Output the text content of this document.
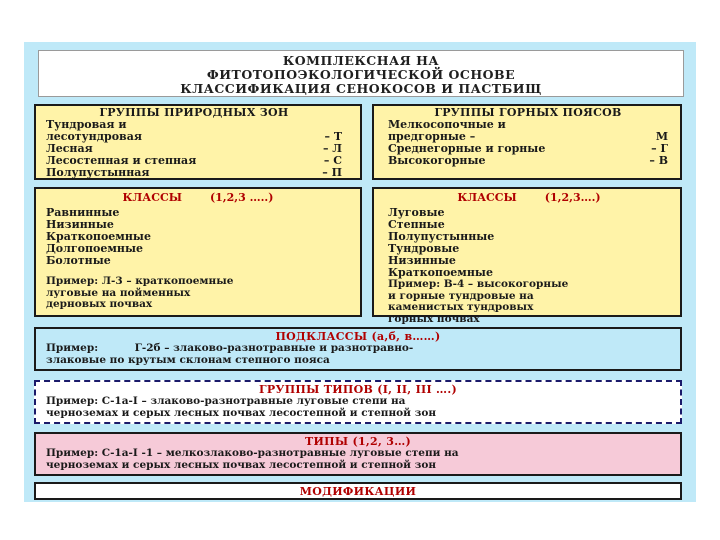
КОМПЛЕКСНАЯ НА
ФИТОТОПОЭКОЛОГИЧЕСКОЙ ОСНОВЕ
КЛАССИФИКАЦИЯ СЕНОКОСОВ И ПАСТБИЩ
ГРУППЫ ПРИРОДНЫХ ЗОН
Тундровая и
лесотундровая	– Т
Лесная	– Л
Лесостепная и степная	– С
Полупустынная	– П
ГРУППЫ ГОРНЫХ ПОЯСОВ
Мелкосопочные и
предгорные –	М
Среднегорные и горные	– Г
Высокогорные	– В
КЛАССЫ	(1,2,3 …..)
Равнинные
Низинные
Краткопоемные
Долгопоемные
Болотные
Пример: Л-3 – краткопоемные
луговые на пойменных
дерновых почвах
КЛАССЫ	(1,2,3….)
Луговые
Степные
Полупустынные
Тундровые
Низинные
Краткопоемные
Пример: В-4 – высокогорные
и горные тундровые на
каменистых тундровых
горных почвах
ПОДКЛАССЫ (а,б, в……)
Пример:          Г-2б – злаково-разнотравные и разнотравно-
злаковые по крутым склонам степного пояса
ГРУППЫ ТИПОВ (I, II, III ….)
Пример: С-1а-I – злаково-разнотравные луговые степи на
черноземах и серых лесных почвах лесостепной и степной зон
ТИПЫ (1,2, 3…)
Пример: С-1а-I -1 – мелкозлаково-разнотравные луговые степи на
черноземах и серых лесных почвах лесостепной и степной зон
МОДИФИКАЦИИ
